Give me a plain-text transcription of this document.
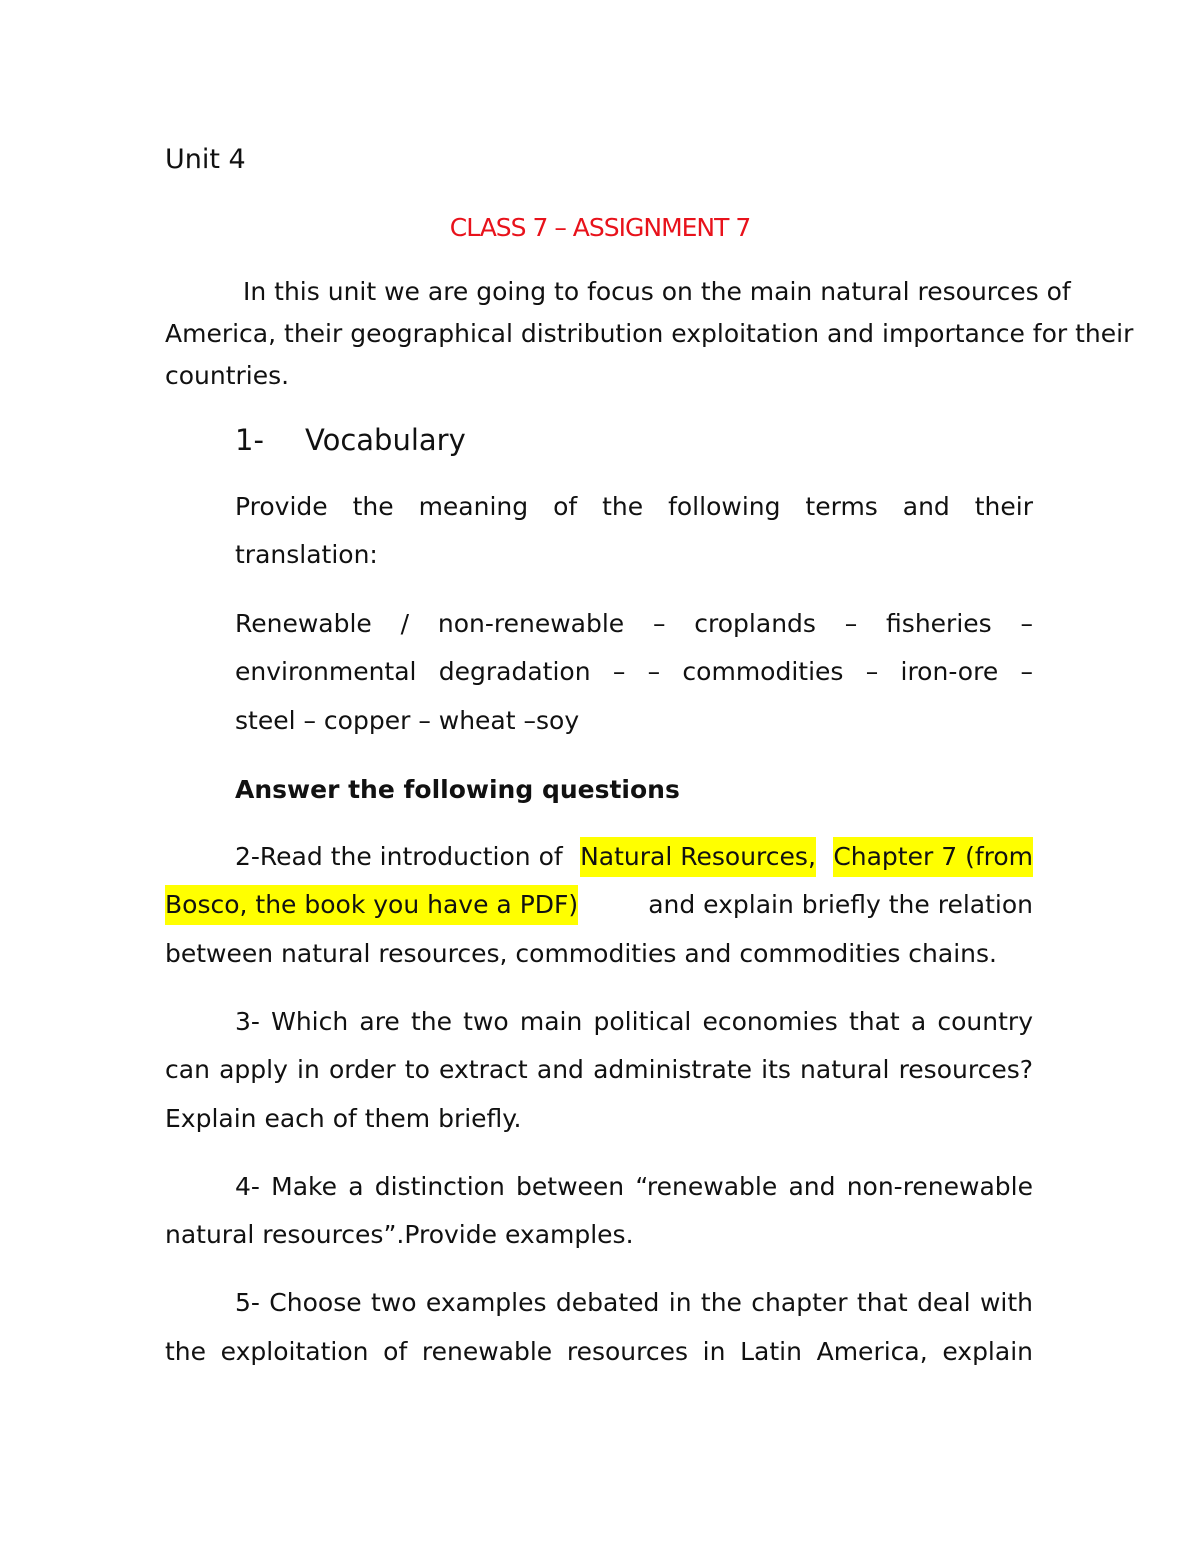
Unit 4
CLASS 7 – ASSIGNMENT 7
In this unit we are going to focus on the main natural resources of
America, their geographical distribution exploitation and importance for their
countries.
1- Vocabulary
Provide the meaning of the following terms and their
translation:
Renewable / non-renewable – croplands – fisheries –
environmental degradation – – commodities – iron-ore –
steel – copper – wheat –soy
Answer the following questions
2-Read the introduction of Natural Resources, Chapter 7 (from
Bosco, the book you have a PDF)	and explain briefly the relation
between natural resources, commodities and commodities chains.
3- Which are the two main political economies that a country
can apply in order to extract and administrate its natural resources?
Explain each of them briefly.
4- Make a distinction between “renewable and non-renewable
natural resources”.Provide examples.
5- Choose two examples debated in the chapter that deal with
the exploitation of renewable resources in Latin America, explain
